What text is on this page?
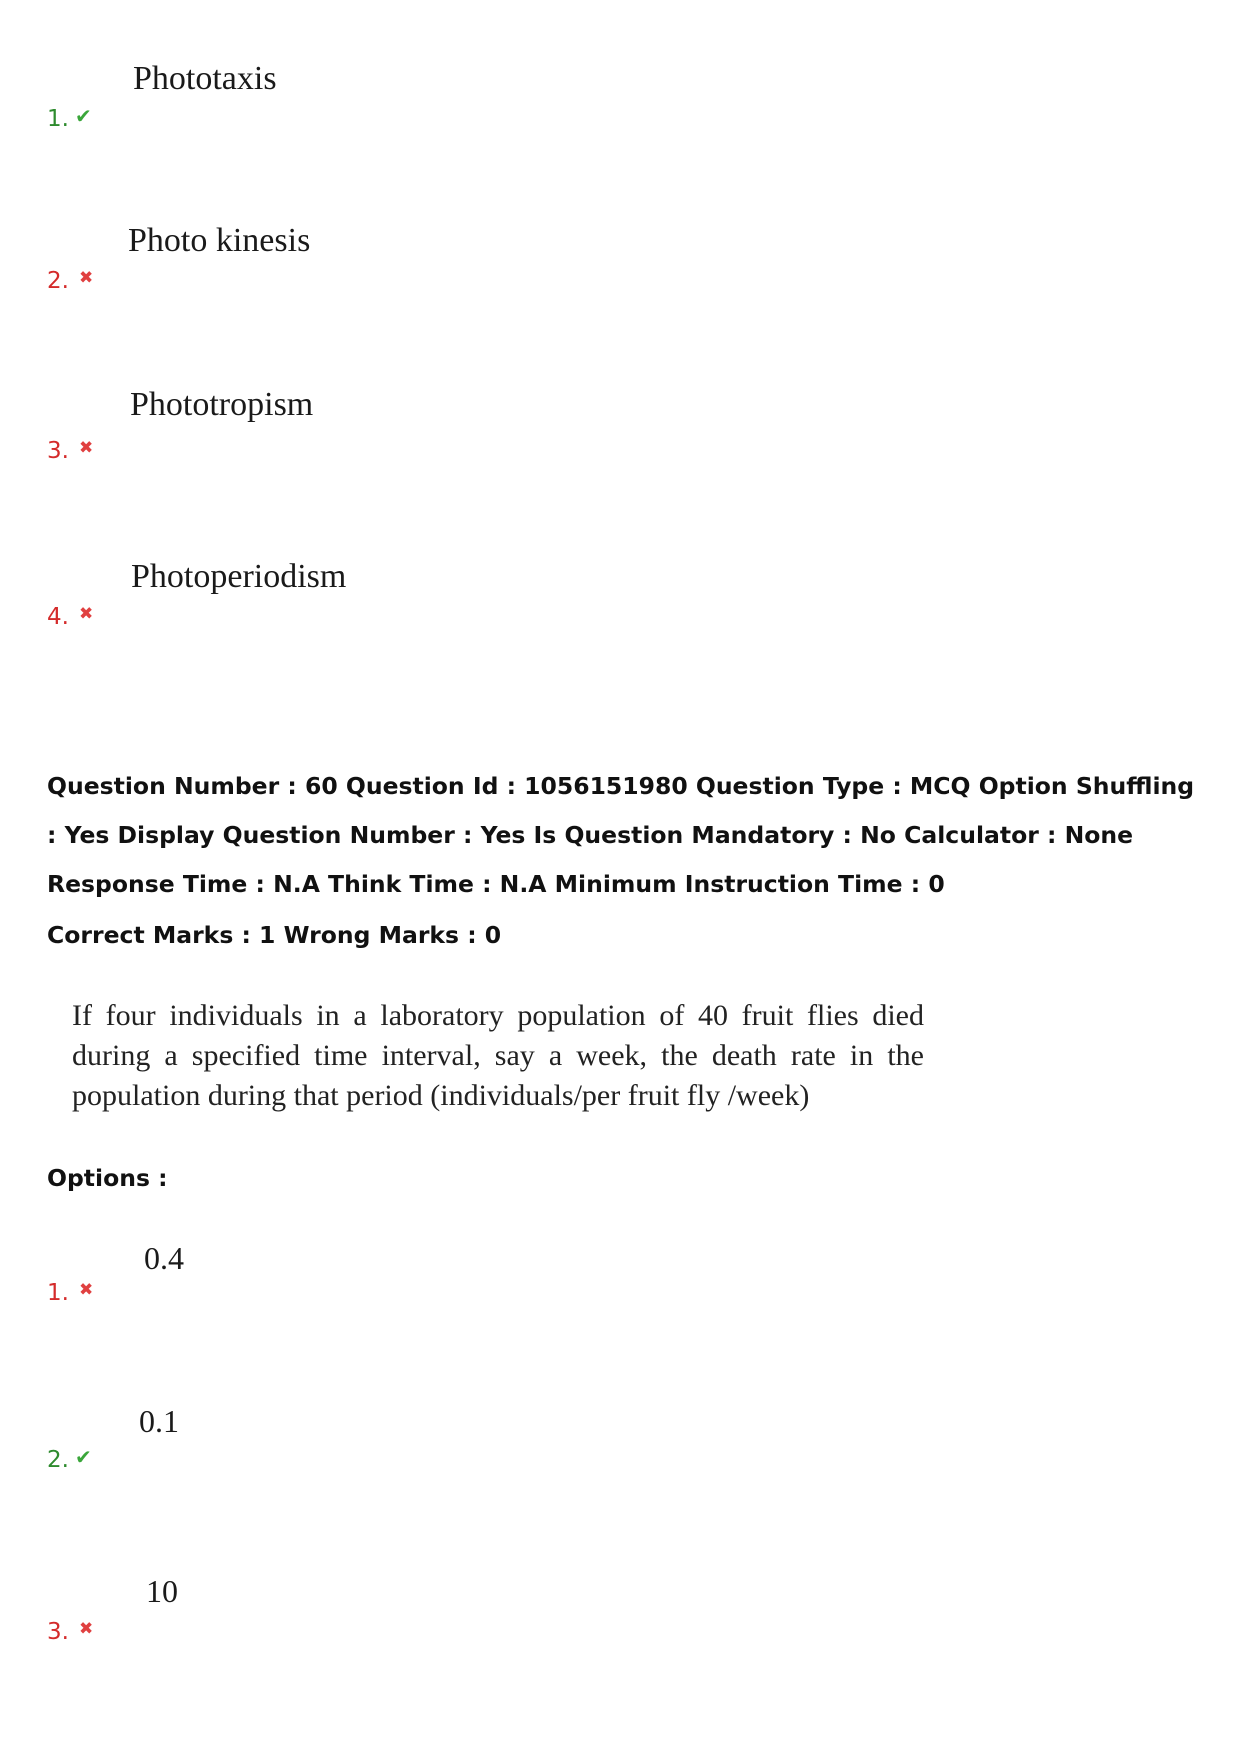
Phototaxis
1. ✔
Photo kinesis
2. ✖
Phototropism
3. ✖
Photoperiodism
4. ✖
Question Number : 60 Question Id : 1056151980 Question Type : MCQ Option Shuffling : Yes Display Question Number : Yes Is Question Mandatory : No Calculator : None Response Time : N.A Think Time : N.A Minimum Instruction Time : 0
Correct Marks : 1 Wrong Marks : 0
If four individuals in a laboratory population of 40 fruit flies died during a specified time interval, say a week, the death rate in the population during that period (individuals/per fruit fly /week)
Options :
0.4
1. ✖
0.1
2. ✔
10
3. ✖
